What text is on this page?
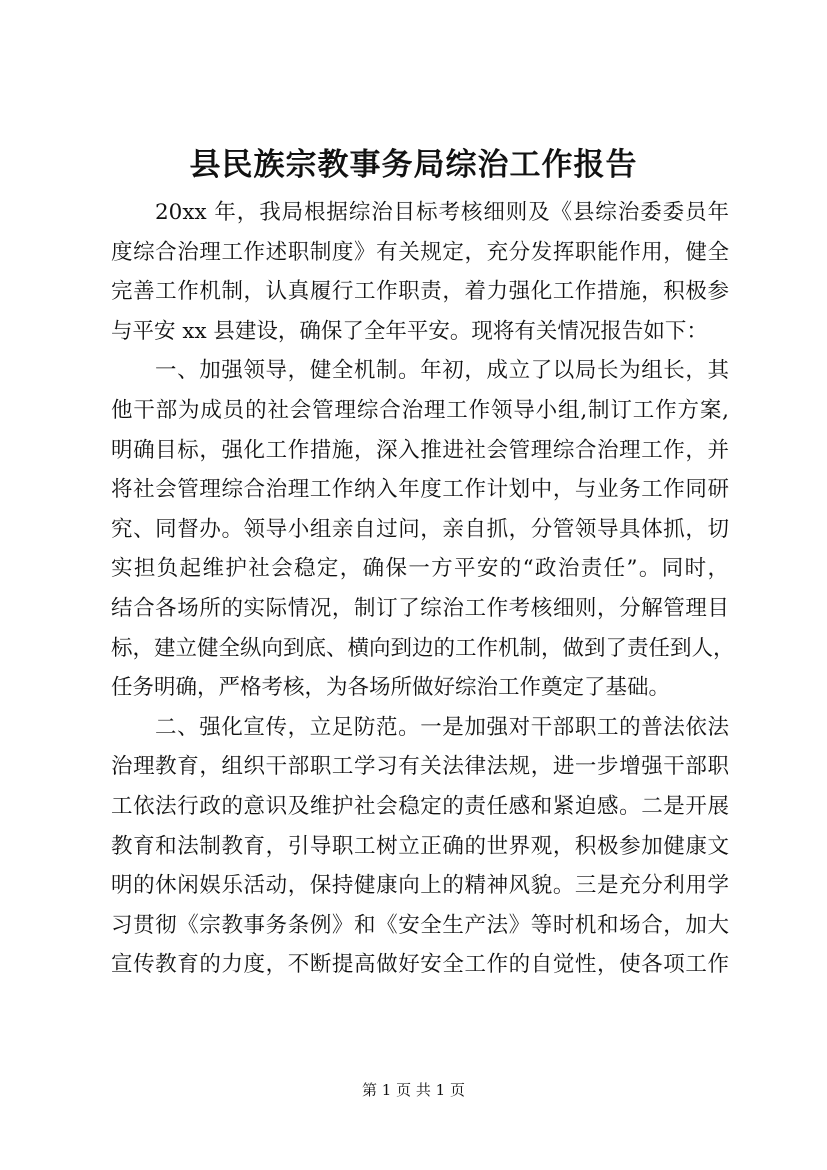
县民族宗教事务局综治工作报告
20xx 年，我局根据综治目标考核细则及《县综治委委员年
度综合治理工作述职制度》有关规定，充分发挥职能作用，健全
完善工作机制，认真履行工作职责，着力强化工作措施，积极参
与平安 xx 县建设，确保了全年平安。现将有关情况报告如下：
一、加强领导，健全机制。年初，成立了以局长为组长，其
他干部为成员的社会管理综合治理工作领导小组,制订工作方案,
明确目标，强化工作措施，深入推进社会管理综合治理工作，并
将社会管理综合治理工作纳入年度工作计划中，与业务工作同研
究、同督办。领导小组亲自过问，亲自抓，分管领导具体抓，切
实担负起维护社会稳定，确保一方平安的“政治责任”。同时，
结合各场所的实际情况，制订了综治工作考核细则，分解管理目
标，建立健全纵向到底、横向到边的工作机制，做到了责任到人，
任务明确，严格考核，为各场所做好综治工作奠定了基础。
二、强化宣传，立足防范。一是加强对干部职工的普法依法
治理教育，组织干部职工学习有关法律法规，进一步增强干部职
工依法行政的意识及维护社会稳定的责任感和紧迫感。二是开展
教育和法制教育，引导职工树立正确的世界观，积极参加健康文
明的休闲娱乐活动，保持健康向上的精神风貌。三是充分利用学
习贯彻《宗教事务条例》和《安全生产法》等时机和场合，加大
宣传教育的力度，不断提高做好安全工作的自觉性，使各项工作
第 1 页 共 1 页
